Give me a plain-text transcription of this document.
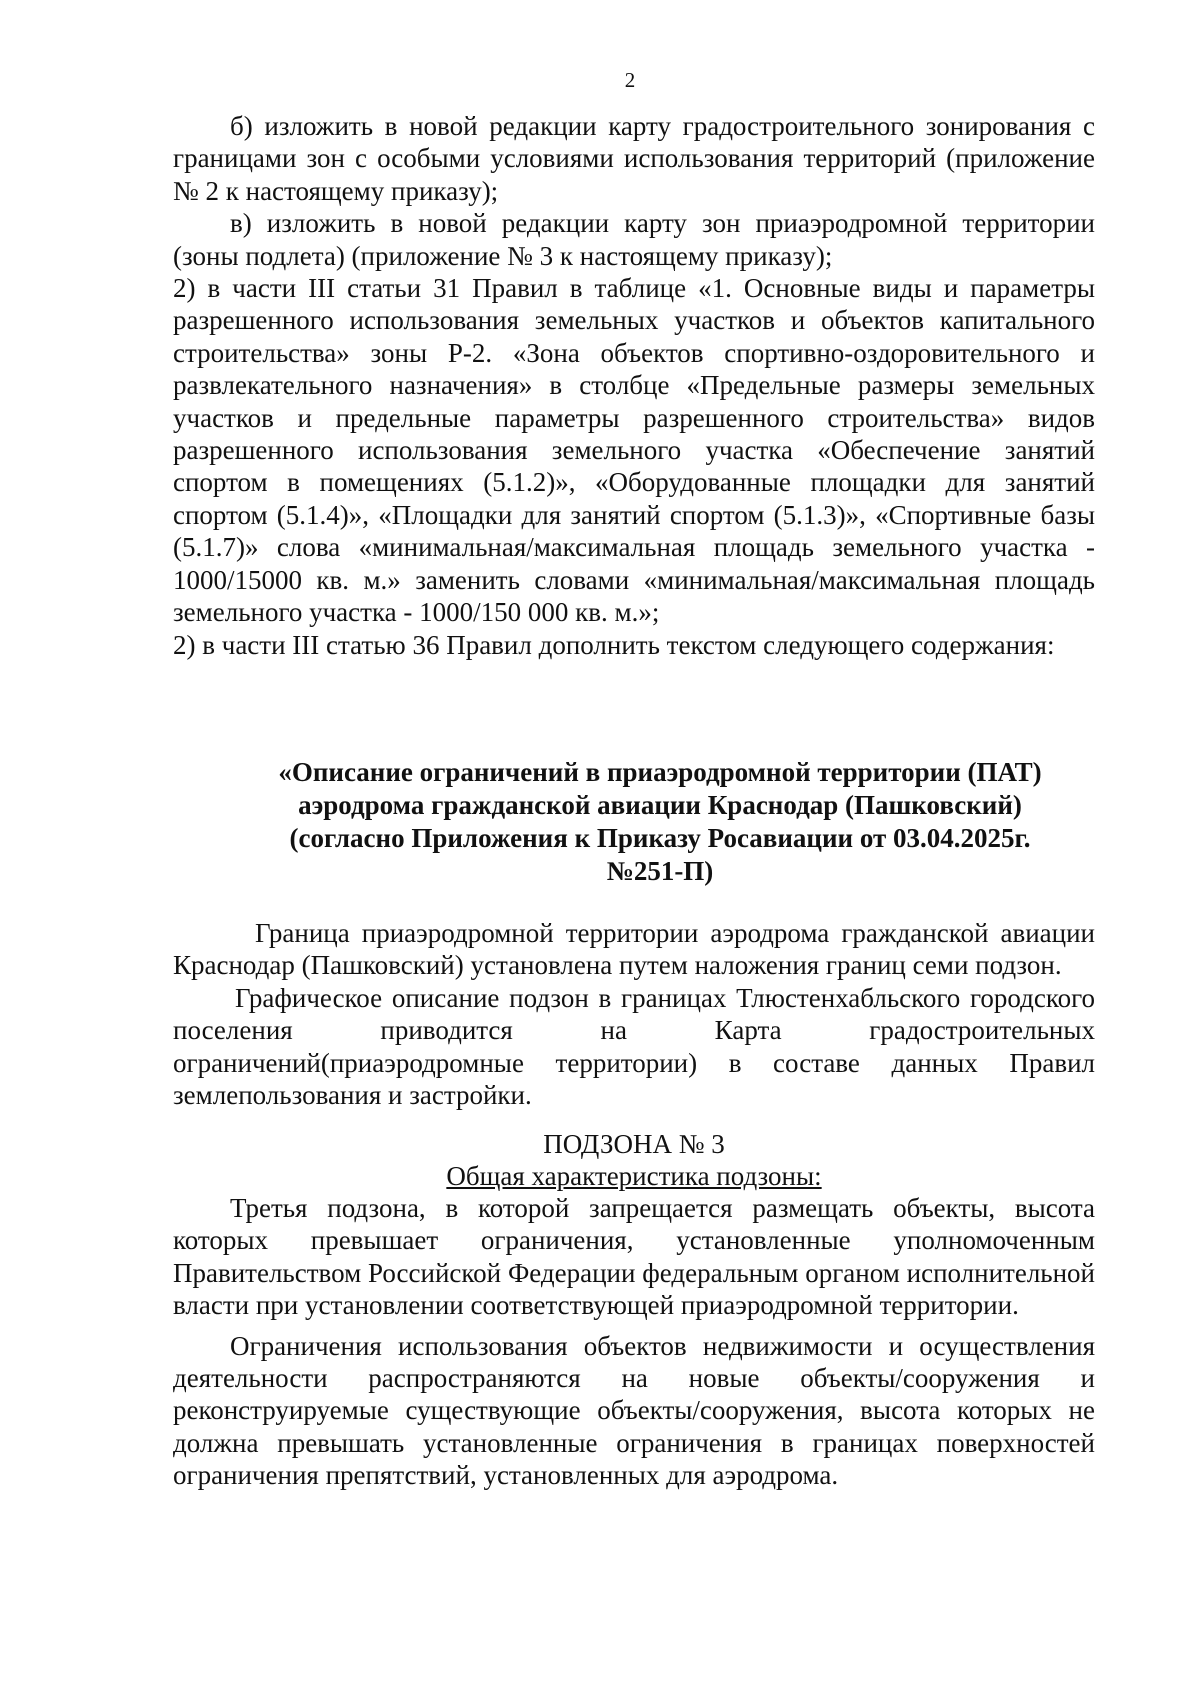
2

б) изложить в новой редакции карту градостроительного зонирования с границами зон с особыми условиями использования территорий (приложение № 2 к настоящему приказу);

в) изложить в новой редакции карту зон приаэродромной территории (зоны подлета) (приложение № 3 к настоящему приказу);

2) в части III статьи 31 Правил в таблице «1. Основные виды и параметры разрешенного использования земельных участков и объектов капитального строительства» зоны Р-2. «Зона объектов спортивно-оздоровительного и развлекательного назначения» в столбце «Предельные размеры земельных участков и предельные параметры разрешенного строительства» видов разрешенного использования земельного участка «Обеспечение занятий спортом в помещениях (5.1.2)», «Оборудованные площадки для занятий спортом (5.1.4)», «Площадки для занятий спортом (5.1.3)», «Спортивные базы (5.1.7)» слова «минимальная/максимальная площадь земельного участка - 1000/15000 кв. м.» заменить словами «минимальная/максимальная площадь земельного участка - 1000/150 000 кв. м.»;

2) в части III статью 36 Правил дополнить текстом следующего содержания:

«Описание ограничений в приаэродромной территории (ПАТ)
аэродрома гражданской авиации Краснодар (Пашковский)
(согласно Приложения к Приказу Росавиации от 03.04.2025г.
№251-П)

Граница приаэродромной территории аэродрома гражданской авиации Краснодар (Пашковский) установлена путем наложения границ семи подзон.

Графическое описание подзон в границах Тлюстенхабльского городского поселения приводится на Карта градостроительных ограничений(приаэродромные территории) в составе данных Правил землепользования и застройки.

ПОДЗОНА № 3
Общая характеристика подзоны:

Третья подзона, в которой запрещается размещать объекты, высота которых превышает ограничения, установленные уполномоченным Правительством Российской Федерации федеральным органом исполнительной власти при установлении соответствующей приаэродромной территории.

Ограничения использования объектов недвижимости и осуществления деятельности распространяются на новые объекты/сооружения и реконструируемые существующие объекты/сооружения, высота которых не должна превышать установленные ограничения в границах поверхностей ограничения препятствий, установленных для аэродрома.
